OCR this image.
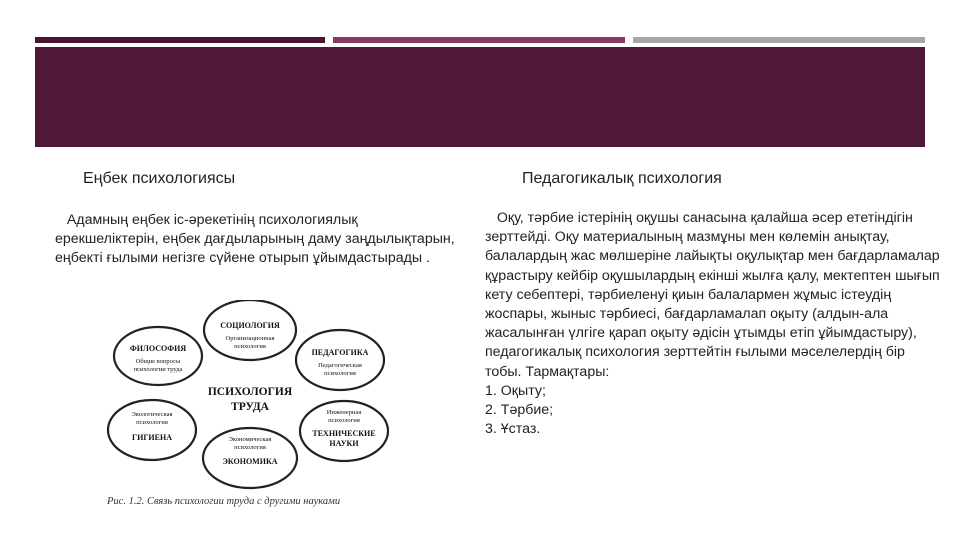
Еңбек психологиясы
Адамның еңбек іс-әрекетінің психологиялық ерекшеліктерін, еңбек дағдыларының даму заңдылықтарын, еңбекті ғылыми негізге сүйене отырып ұйымдастырады .
Педагогикалық психология
Оқу, тәрбие істерінің оқушы санасына қалайша әсер ететіндігін зерттейді. Оқу материалының мазмұны мен көлемін анықтау, балалардың жас мөлшеріне лайықты оқулықтар мен бағдарламалар құрастыру кейбір оқушылардың екінші жылға қалу, мектептен шығып кету себептері, тәрбиеленуі қиын балалармен жұмыс істеудің жоспары, жыныс тәрбиесі, бағдарламалап оқыту (алдын-ала жасалынған үлгіге қарап оқыту әдісін ұтымды етіп ұйымдастыру), педагогикалық психология зерттейтін ғылыми мәселелердің бір тобы. Тармақтары:
1. Оқыту;
2. Тәрбие;
3. Ұстаз.
ПСИХОЛОГИЯ
ТРУДА
СОЦИОЛОГИЯ
Организационная
психология
ПЕДАГОГИКА
Педагогическая
психология
Инженерная
психология
ТЕХНИЧЕСКИЕ
НАУКИ
Экономическая
психология
ЭКОНОМИКА
Экологическая
психология
ГИГИЕНА
ФИЛОСОФИЯ
Общие вопросы
психологии труда
Рис. 1.2. Связь психологии труда с другими науками
